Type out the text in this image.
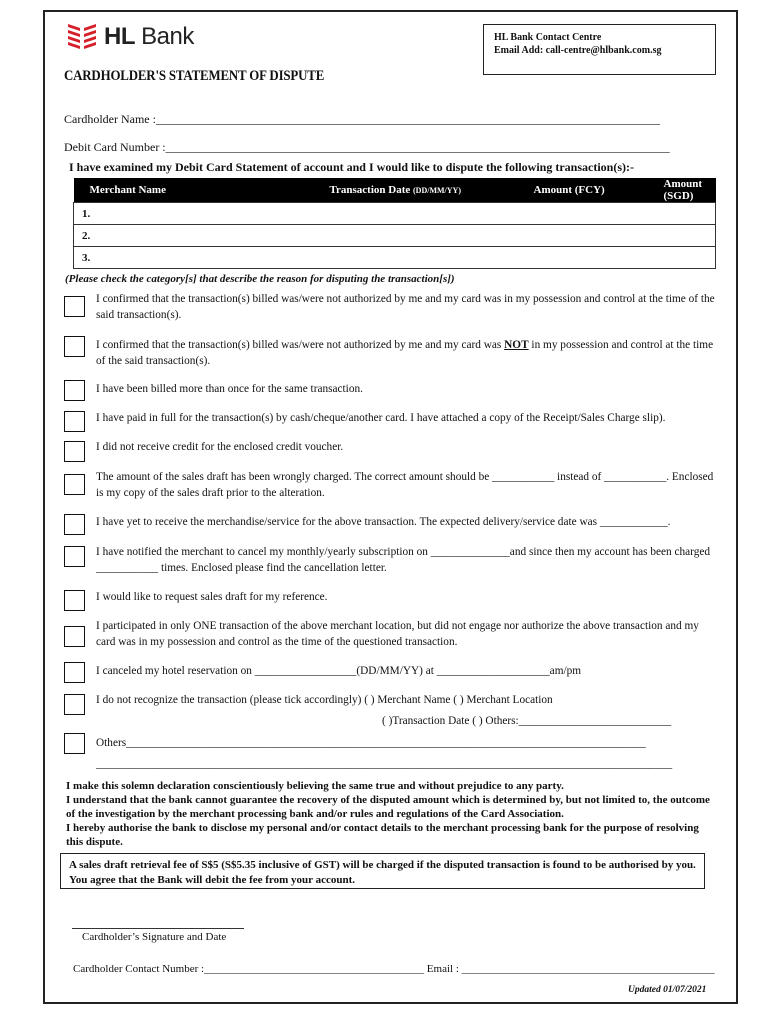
HL Bank	HL Bank Contact Centre
Email Add: call-centre@hlbank.com.sg
CARDHOLDER'S STATEMENT OF DISPUTE
Cardholder Name :____________________________________________________________________________________
Debit Card Number :____________________________________________________________________________________
I have examined my Debit Card Statement of account and I would like to dispute the following transaction(s):-
Merchant Name	Transaction Date (DD/MM/YY)	Amount (FCY)	Amount (SGD)
1.
2.
3.
(Please check the category[s] that describe the reason for disputing the transaction[s])
I confirmed that the transaction(s) billed was/were not authorized by me and my card was in my possession and control at the time of the said transaction(s).
I confirmed that the transaction(s) billed was/were not authorized by me and my card was NOT in my possession and control at the time of the said transaction(s).
I have been billed more than once for the same transaction.
I have paid in full for the transaction(s) by cash/cheque/another card. I have attached a copy of the Receipt/Sales Charge slip).
I did not receive credit for the enclosed credit voucher.
The amount of the sales draft has been wrongly charged. The correct amount should be ___________ instead of ___________. Enclosed is my copy of the sales draft prior to the alteration.
I have yet to receive the merchandise/service for the above transaction. The expected delivery/service date was ____________.
I have notified the merchant to cancel my monthly/yearly subscription on ______________and since then my account has been charged ___________ times. Enclosed please find the cancellation letter.
I would like to request sales draft for my reference.
I participated in only ONE transaction of the above merchant location, but did not engage nor authorize the above transaction and my card was in my possession and control as the time of the questioned transaction.
I canceled my hotel reservation on __________________(DD/MM/YY) at ____________________am/pm
I do not recognize the transaction (please tick accordingly) ( ) Merchant Name ( ) Merchant Location
( )Transaction Date ( ) Others:___________________________
Others____________________________________________________________________________________________
______________________________________________________________________________________________________

I make this solemn declaration conscientiously believing the same true and without prejudice to any party.

I understand that the bank cannot guarantee the recovery of the disputed amount which is determined by, but not limited to, the outcome of the investigation by the merchant processing bank and/or rules and regulations of the Card Association.

I hereby authorise the bank to disclose my personal and/or contact details to the merchant processing bank for the purpose of resolving this dispute.

A sales draft retrieval fee of S$5 (S$5.35 inclusive of GST) will be charged if the disputed transaction is found to be authorised by you. You agree that the Bank will debit the fee from your account.
Cardholder’s Signature and Date
Cardholder Contact Number :________________________________________ Email : ______________________________________________
Updated 01/07/2021
